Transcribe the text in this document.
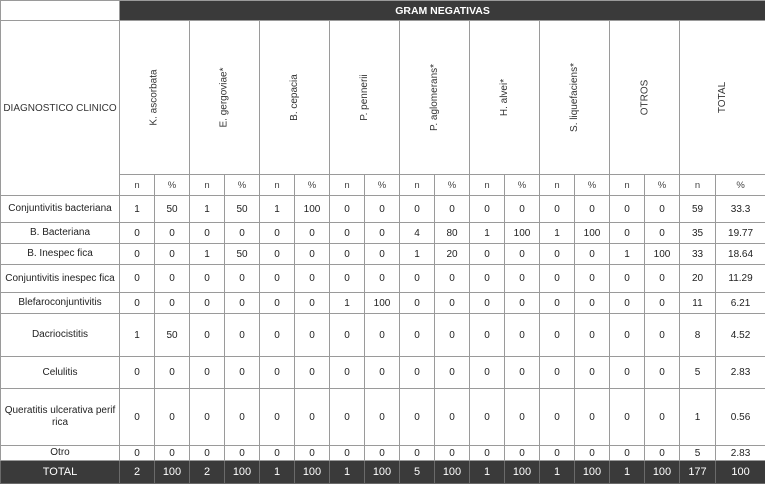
	GRAM NEGATIVAS																	
DIAGNOSTICO CLINICO	K. ascorbata		E. gergoviae*		B. cepacia		P. pennerii		P. aglomerans*		H. alvei*		S. liquefaciens*		OTROS		TOTAL	
	n	%	n	%	n	%	n	%	n	%	n	%	n	%	n	%	n	%
Conjuntivitis bacteriana	1	50	1	50	1	100	0	0	0	0	0	0	0	0	0	0	59	33.3
B. Bacteriana	0	0	0	0	0	0	0	0	4	80	1	100	1	100	0	0	35	19.77
B. Inespec fica	0	0	1	50	0	0	0	0	1	20	0	0	0	0	1	100	33	18.64
Conjuntivitis inespec fica	0	0	0	0	0	0	0	0	0	0	0	0	0	0	0	0	20	11.29
Blefaroconjuntivitis	0	0	0	0	0	0	1	100	0	0	0	0	0	0	0	0	11	6.21
Dacriocistitis	1	50	0	0	0	0	0	0	0	0	0	0	0	0	0	0	8	4.52
Celulitis	0	0	0	0	0	0	0	0	0	0	0	0	0	0	0	0	5	2.83
Queratitis ulcerativa perif rica	0	0	0	0	0	0	0	0	0	0	0	0	0	0	0	0	1	0.56
Otro	0	0	0	0	0	0	0	0	0	0	0	0	0	0	0	0	5	2.83
TOTAL	2	100	2	100	1	100	1	100	5	100	1	100	1	100	1	100	177	100
